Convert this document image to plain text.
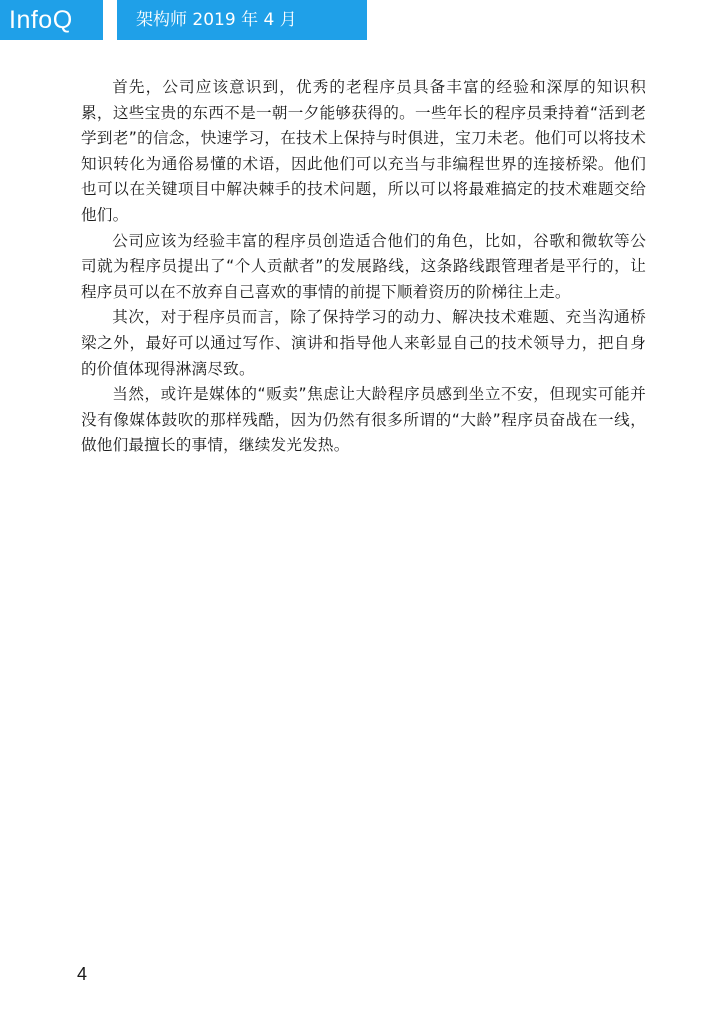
InfoQ	架构师 2019 年 4 月

首先，公司应该意识到，优秀的老程序员具备丰富的经验和深厚的知识积累，这些宝贵的东西不是一朝一夕能够获得的。一些年长的程序员秉持着“活到老学到老”的信念，快速学习，在技术上保持与时俱进，宝刀未老。他们可以将技术知识转化为通俗易懂的术语，因此他们可以充当与非编程世界的连接桥梁。他们也可以在关键项目中解决棘手的技术问题，所以可以将最难搞定的技术难题交给他们。

公司应该为经验丰富的程序员创造适合他们的角色，比如，谷歌和微软等公司就为程序员提出了“个人贡献者”的发展路线，这条路线跟管理者是平行的，让程序员可以在不放弃自己喜欢的事情的前提下顺着资历的阶梯往上走。

其次，对于程序员而言，除了保持学习的动力、解决技术难题、充当沟通桥梁之外，最好可以通过写作、演讲和指导他人来彰显自己的技术领导力，把自身的价值体现得淋漓尽致。

当然，或许是媒体的“贩卖”焦虑让大龄程序员感到坐立不安，但现实可能并没有像媒体鼓吹的那样残酷，因为仍然有很多所谓的“大龄”程序员奋战在一线，做他们最擅长的事情，继续发光发热。

4
